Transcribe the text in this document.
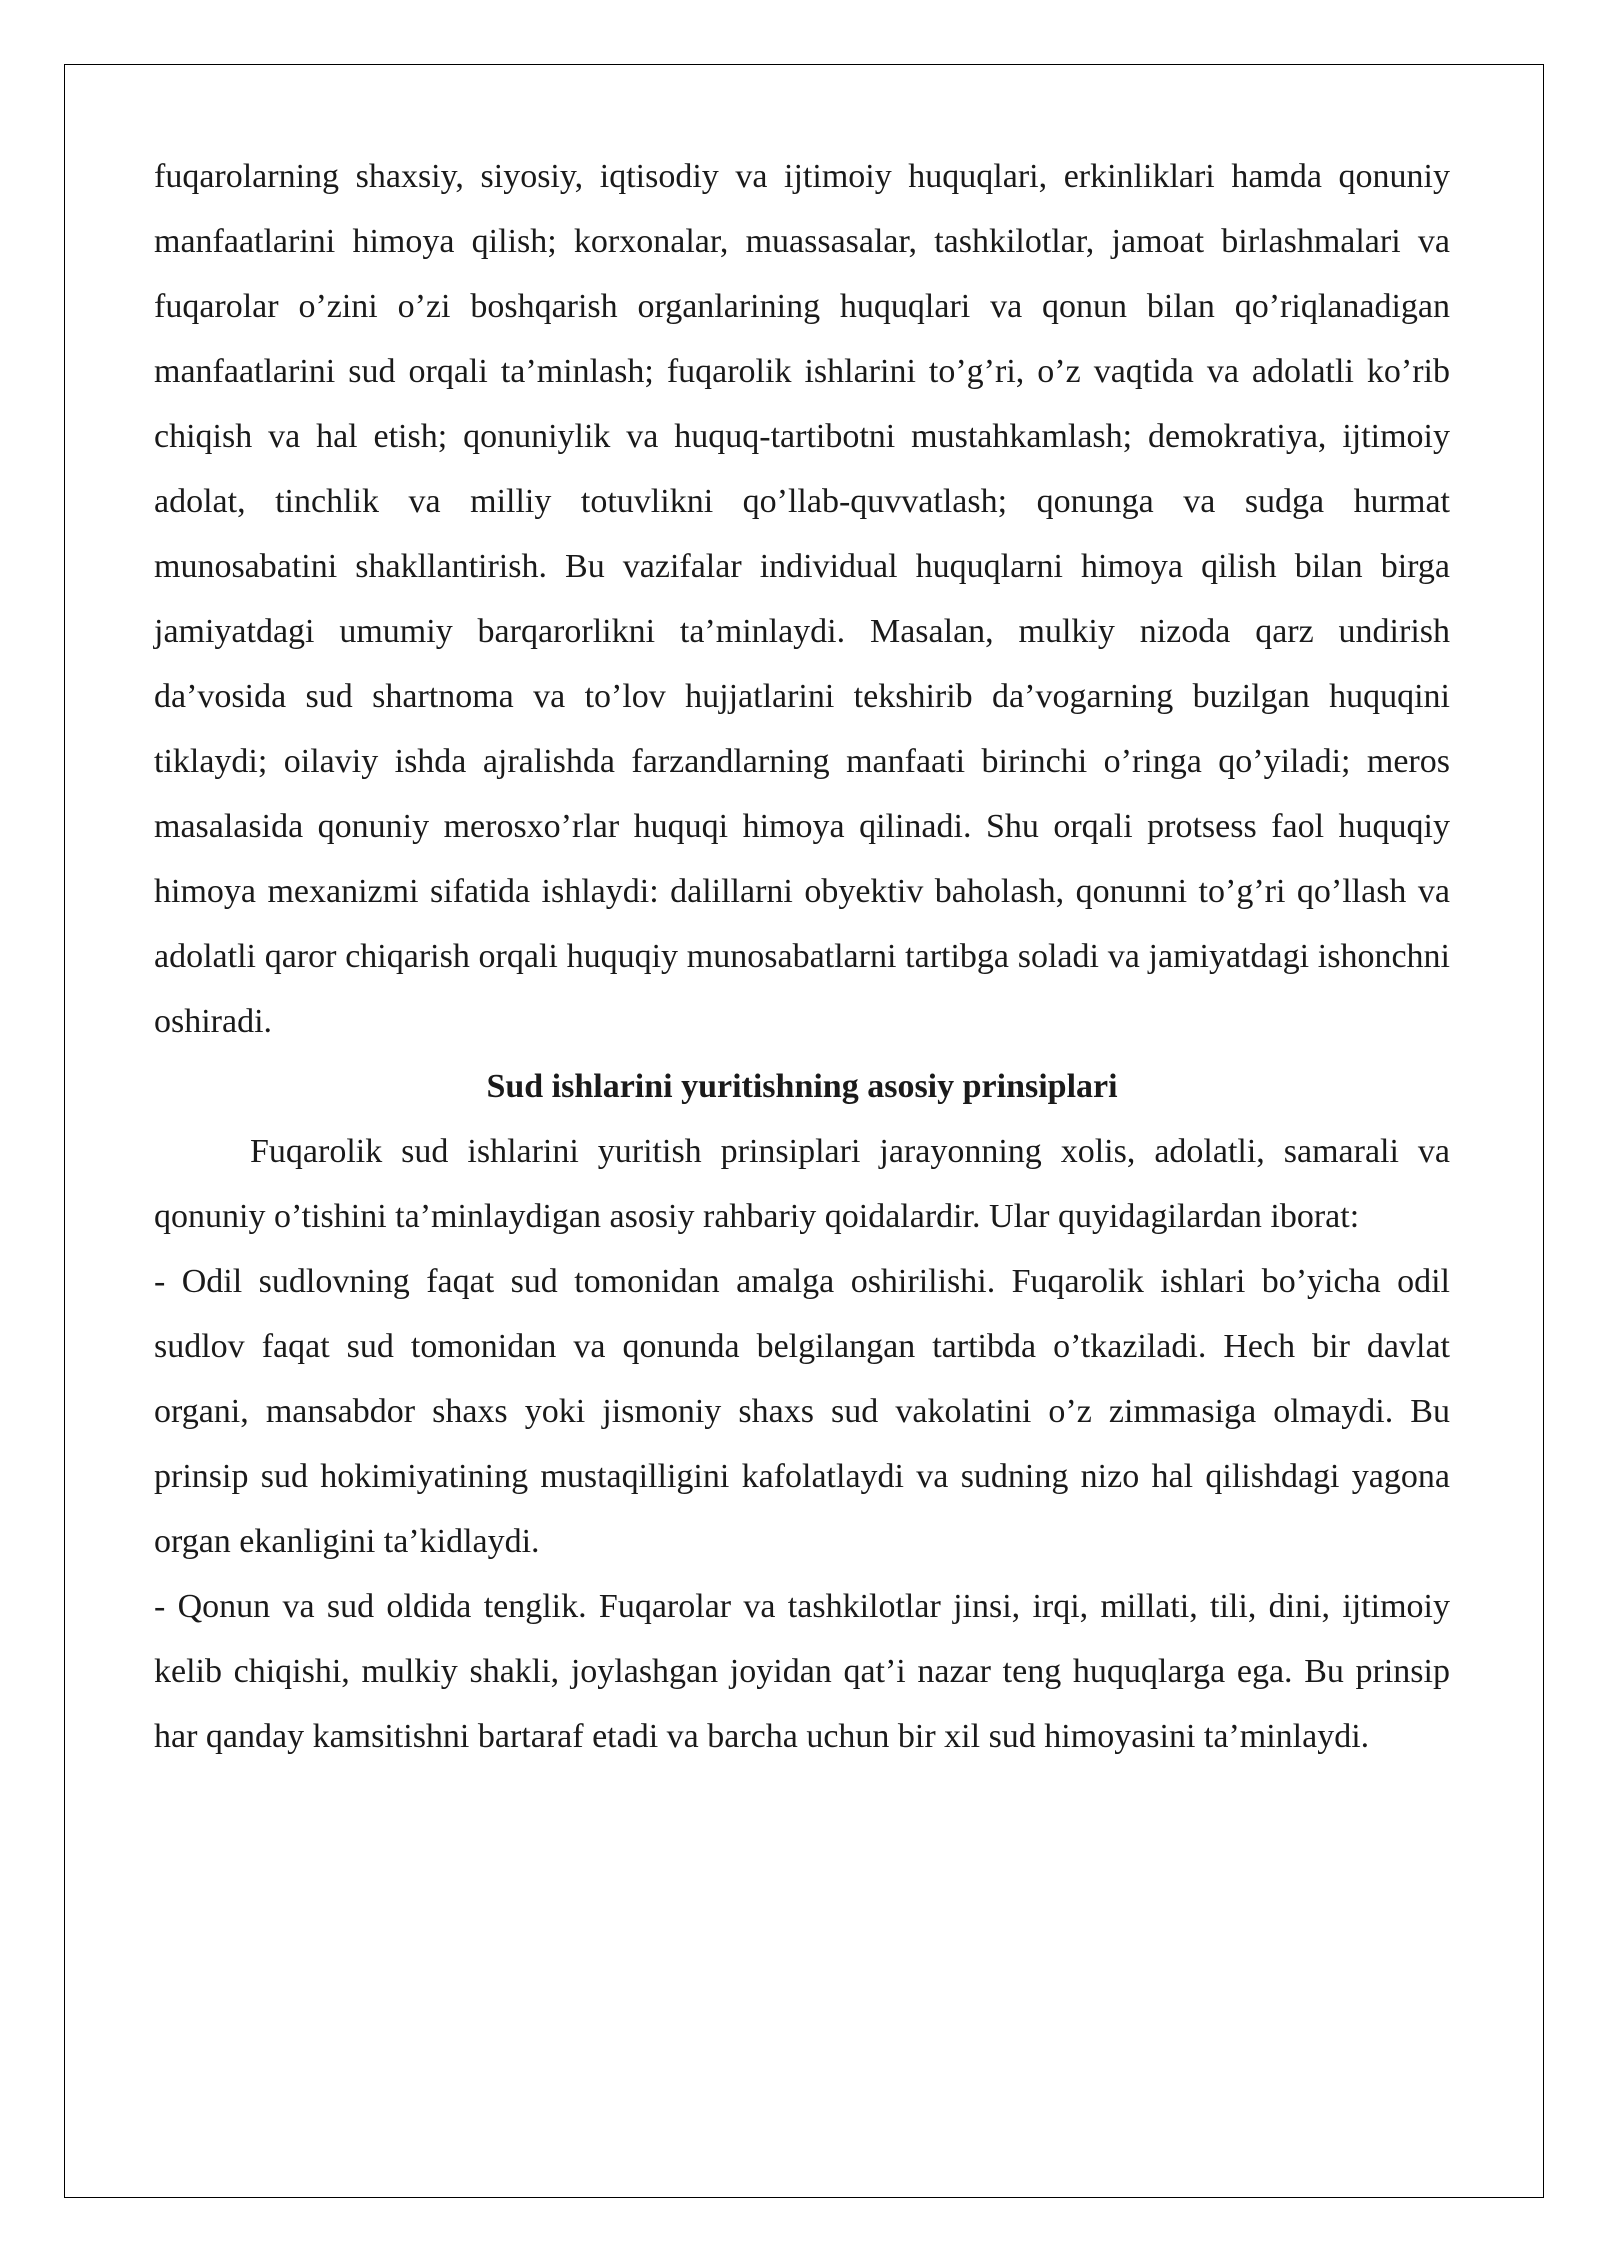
fuqarolarning shaxsiy, siyosiy, iqtisodiy va ijtimoiy huquqlari, erkinliklari hamda qonuniy manfaatlarini himoya qilish; korxonalar, muassasalar, tashkilotlar, jamoat birlashmalari va fuqarolar o’zini o’zi boshqarish organlarining huquqlari va qonun bilan qo’riqlanadigan manfaatlarini sud orqali ta’minlash; fuqarolik ishlarini to’g’ri, o’z vaqtida va adolatli ko’rib chiqish va hal etish; qonuniylik va huquq-tartibotni mustahkamlash; demokratiya, ijtimoiy adolat, tinchlik va milliy totuvlikni qo’llab-quvvatlash; qonunga va sudga hurmat munosabatini shakllantirish. Bu vazifalar individual huquqlarni himoya qilish bilan birga jamiyatdagi umumiy barqarorlikni ta’minlaydi. Masalan, mulkiy nizoda qarz undirish da’vosida sud shartnoma va to’lov hujjatlarini tekshirib da’vogarning buzilgan huquqini tiklaydi; oilaviy ishda ajralishda farzandlarning manfaati birinchi o’ringa qo’yiladi; meros masalasida qonuniy merosxo’rlar huquqi himoya qilinadi. Shu orqali protsess faol huquqiy himoya mexanizmi sifatida ishlaydi: dalillarni obyektiv baholash, qonunni to’g’ri qo’llash va adolatli qaror chiqarish orqali huquqiy munosabatlarni tartibga soladi va jamiyatdagi ishonchni oshiradi.

Sud ishlarini yuritishning asosiy prinsiplari

Fuqarolik sud ishlarini yuritish prinsiplari jarayonning xolis, adolatli, samarali va qonuniy o’tishini ta’minlaydigan asosiy rahbariy qoidalardir. Ular quyidagilardan iborat:

- Odil sudlovning faqat sud tomonidan amalga oshirilishi. Fuqarolik ishlari bo’yicha odil sudlov faqat sud tomonidan va qonunda belgilangan tartibda o’tkaziladi. Hech bir davlat organi, mansabdor shaxs yoki jismoniy shaxs sud vakolatini o’z zimmasiga olmaydi. Bu prinsip sud hokimiyatining mustaqilligini kafolatlaydi va sudning nizo hal qilishdagi yagona organ ekanligini ta’kidlaydi.

- Qonun va sud oldida tenglik. Fuqarolar va tashkilotlar jinsi, irqi, millati, tili, dini, ijtimoiy kelib chiqishi, mulkiy shakli, joylashgan joyidan qat’i nazar teng huquqlarga ega. Bu prinsip har qanday kamsitishni bartaraf etadi va barcha uchun bir xil sud himoyasini ta’minlaydi.
